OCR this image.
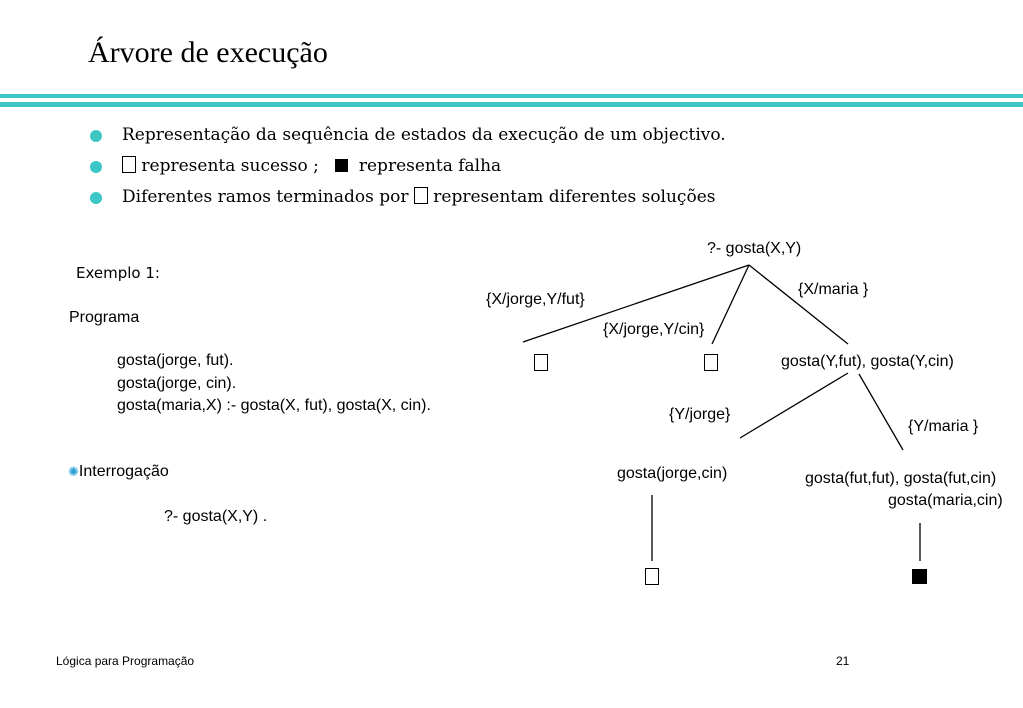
Árvore de execução
Representação da sequência de estados da execução de um objectivo.
representa sucesso ; representa falha
Diferentes ramos terminados por representam diferentes soluções
Exemplo 1:
Programa
gosta(jorge, fut).
gosta(jorge, cin).
gosta(maria,X) :- gosta(X, fut), gosta(X, cin).
✺Interrogação
?- gosta(X,Y) .
?- gosta(X,Y)
{X/jorge,Y/fut}
{X/jorge,Y/cin}
{X/maria }
gosta(Y,fut), gosta(Y,cin)
{Y/jorge}
{Y/maria }
gosta(jorge,cin)	gosta(fut,fut), gosta(fut,cin)
gosta(maria,cin)
Lógica para Programação	21
